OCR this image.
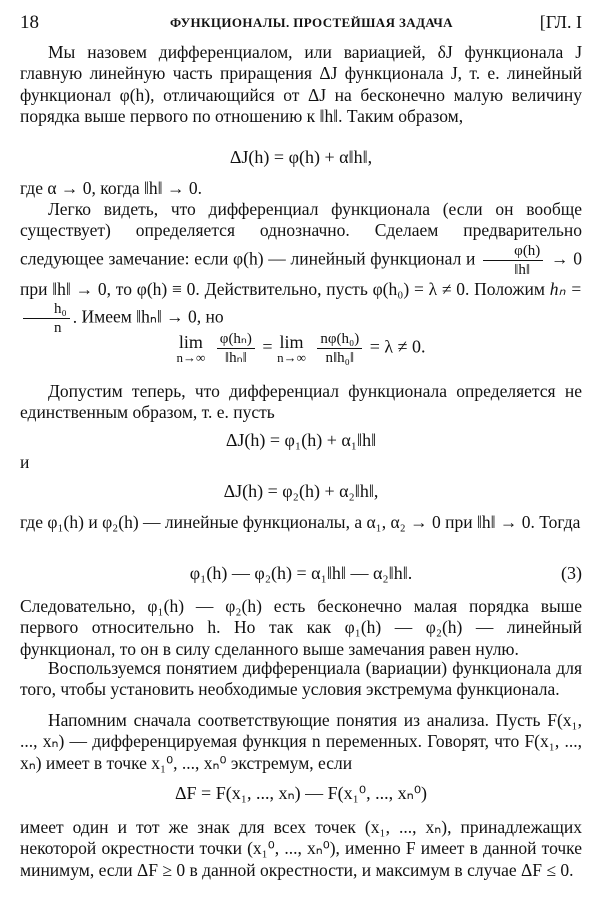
18	ФУНКЦИОНАЛЫ. ПРОСТЕЙШАЯ ЗАДАЧА	[ГЛ. I

Мы назовем дифференциалом, или вариацией, δJ функционала J главную линейную часть приращения ΔJ функционала J, т. е. линейный функционал φ(h), отличающийся от ΔJ на бесконечно малую величину порядка выше первого по отношению к ‖h‖. Таким образом,

ΔJ(h) = φ(h) + α‖h‖,

где α → 0, когда ‖h‖ → 0.

Легко видеть, что дифференциал функционала (если он вообще существует) определяется однозначно. Сделаем предварительно следующее замечание: если φ(h) — линейный функционал и $\frac{\varphi(h)}{‖h‖} \to 0$ при ‖h‖ → 0, то φ(h) ≡ 0. Действительно, пусть φ(h₀) = λ ≠ 0. Положим hₙ =
$\frac{\text{h₀}}{n}$ . Имеем ‖hₙ‖ → 0, но

lim
n→∞
$\frac{\text{φ(hₙ)}}{\text{‖hₙ‖}} = \lim$
n→∞
$\frac{\text{nφ(h₀)}}{\text{n‖h₀‖}} = \lambda \ne 0$.

Допустим теперь, что дифференциал функционала определяется не единственным образом, т. е. пусть

ΔJ(h) = φ₁(h) + α₁‖h‖
и
ΔJ(h) = φ₂(h) + α₂‖h‖,

где φ₁(h) и φ₂(h) — линейные функционалы, а α₁, α₂ → 0 при ‖h‖ → 0. Тогда

φ₁(h) — φ₂(h) = α₁‖h‖ — α₂‖h‖.	(3)

Следовательно, φ₁(h) — φ₂(h) есть бесконечно малая порядка выше первого относительно h. Но так как φ₁(h) — φ₂(h) — линейный функционал, то он в силу сделанного выше замечания равен нулю.

Воспользуемся понятием дифференциала (вариации) функционала для того, чтобы установить необходимые условия экстремума функционала.

Напомним сначала соответствующие понятия из анализа. Пусть F(x₁, ..., xₙ) — дифференцируемая функция n переменных. Говорят, что F(x₁, ..., xₙ) имеет в точке x₁⁰, ..., xₙ⁰ экстремум, если

ΔF = F(x₁, ..., xₙ) — F(x₁⁰, ..., xₙ⁰)

имеет один и тот же знак для всех точек (x₁, ..., xₙ), принадлежащих некоторой окрестности точки (x₁⁰, ..., xₙ⁰), именно F имеет в данной точке минимум, если ΔF ≥ 0 в данной окрестности, и максимум в случае ΔF ≤ 0.
